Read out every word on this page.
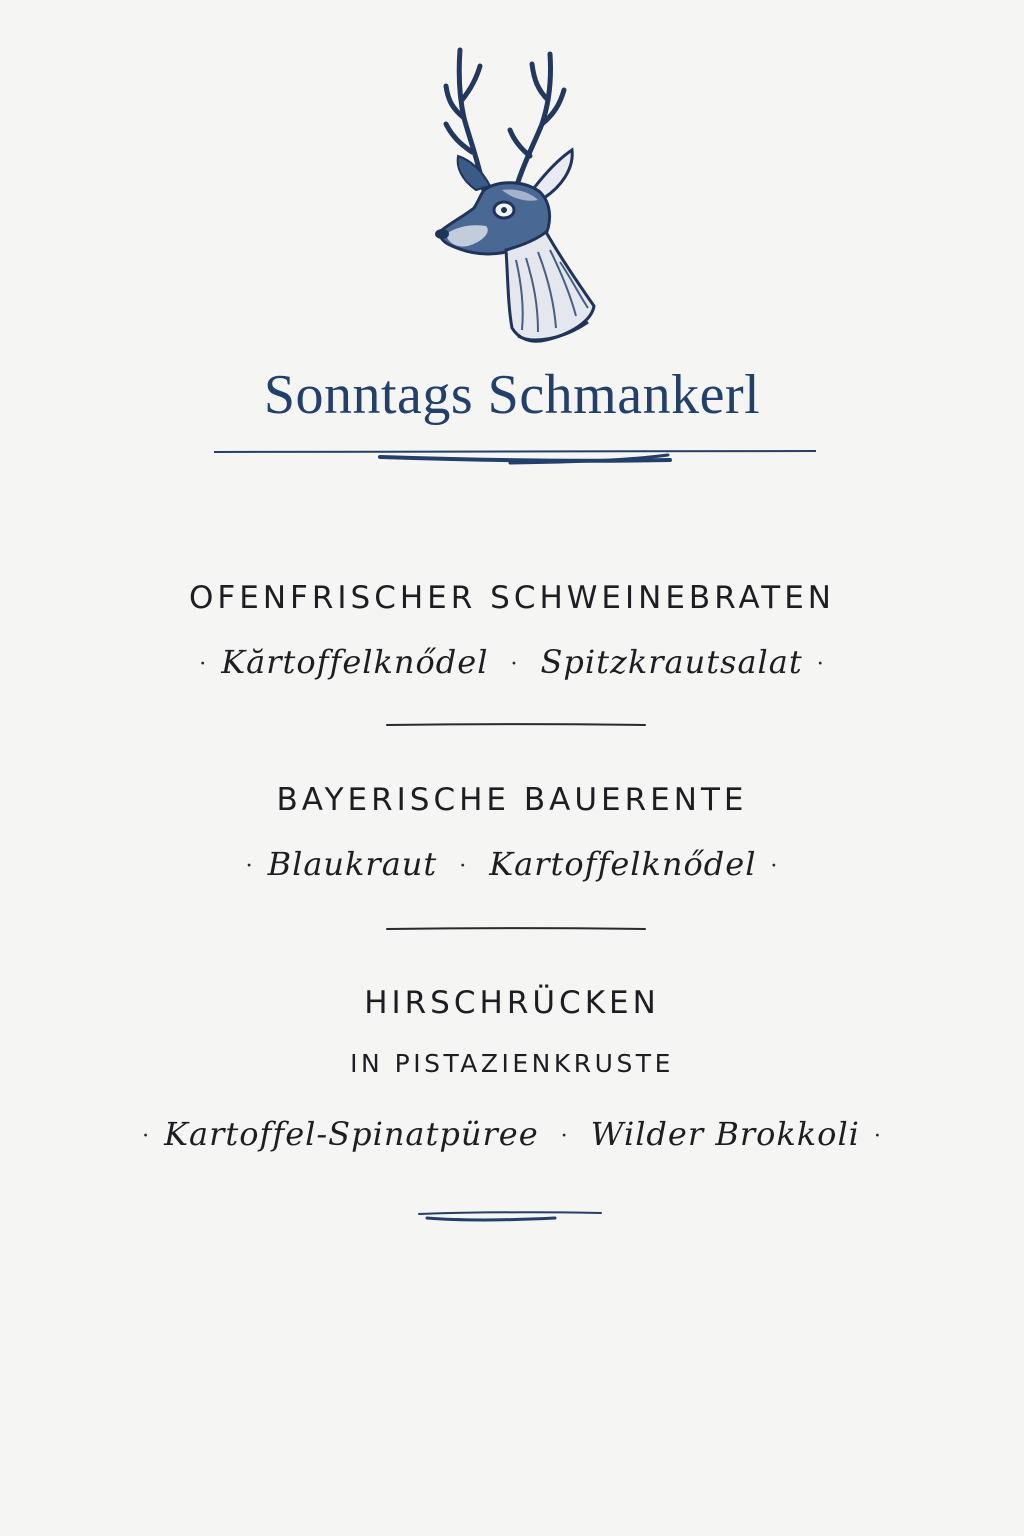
Sonntags Schmankerl
OFENFRISCHER SCHWEINEBRATEN
· Kărtoffelknődel · Spitzkrautsalat ·
BAYERISCHE BAUERENTE
· Blaukraut · Kartoffelknődel ·
HIRSCHRÜCKEN
IN PISTAZIENKRUSTE
· Kartoffel-Spinatpüree · Wilder Brokkoli ·
